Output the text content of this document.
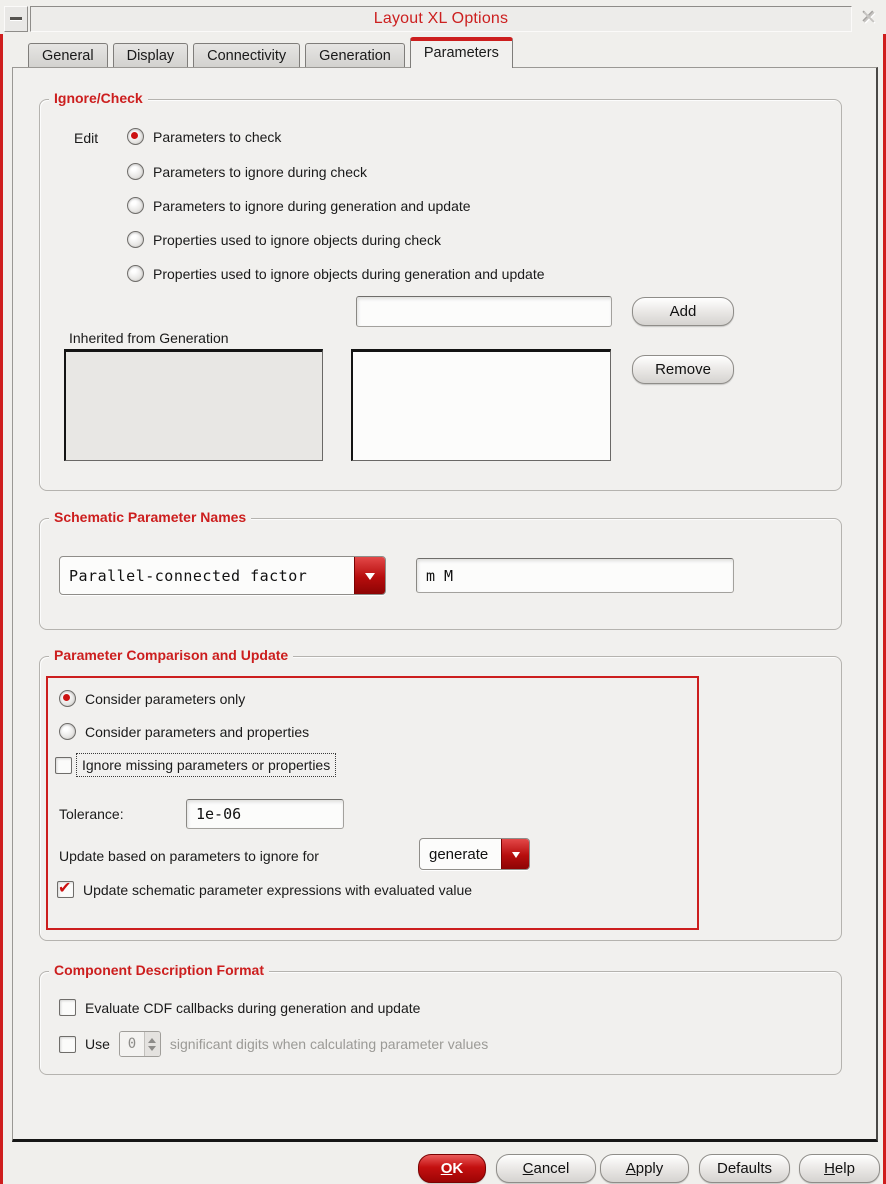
Layout XL Options	✕
General	Display	Connectivity	Generation	Parameters
Ignore/Check
Edit	Parameters to check
Parameters to ignore during check
Parameters to ignore during generation and update
Properties used to ignore objects during check
Properties used to ignore objects during generation and update
Add
Inherited from Generation
Remove
Schematic Parameter Names
Parallel-connected factor
m M
Parameter Comparison and Update
Consider parameters only
Consider parameters and properties
Ignore missing parameters or properties
Tolerance:
1e-06
Update based on parameters to ignore for	generate
✔
Update schematic parameter expressions with evaluated value
Component Description Format
Evaluate CDF callbacks during generation and update
Use	0	significant digits when calculating parameter values
O K	C ancel	A pply	Defaults	H elp
